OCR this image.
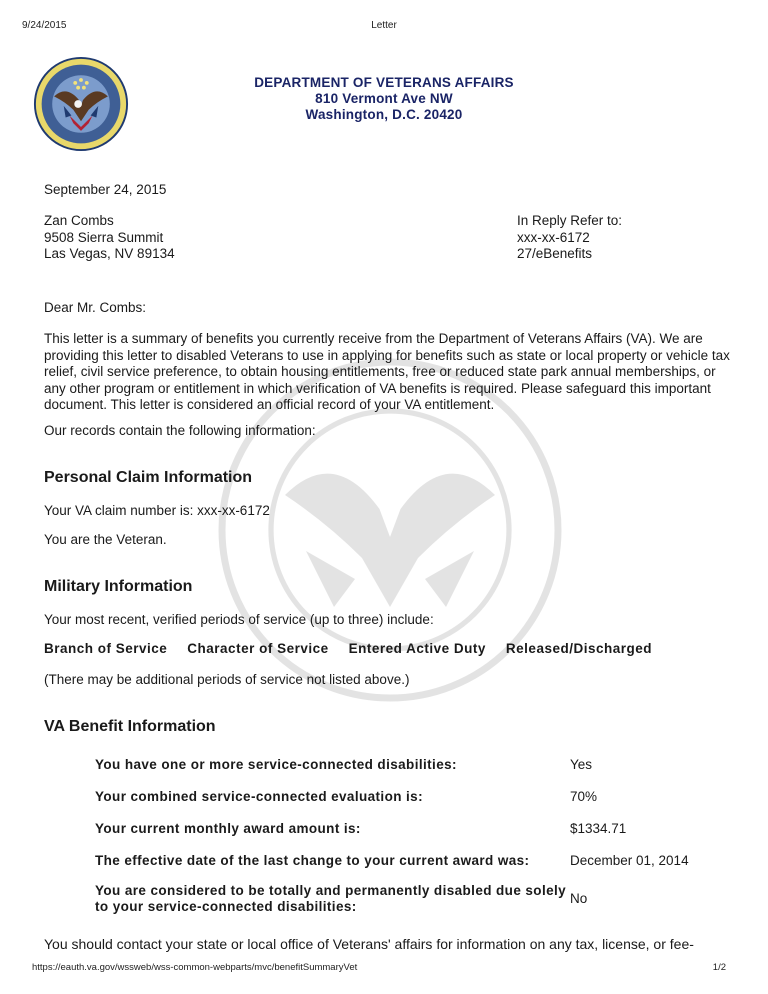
9/24/2015	Letter
DEPARTMENT OF VETERANS AFFAIRS
810 Vermont Ave NW
Washington, D.C. 20420
September 24, 2015
Zan Combs
9508 Sierra Summit
Las Vegas, NV 89134
In Reply Refer to:
xxx-xx-6172
27/eBenefits
Dear Mr. Combs:
This letter is a summary of benefits you currently receive from the Department of Veterans Affairs (VA). We are providing this letter to disabled Veterans to use in applying for benefits such as state or local property or vehicle tax relief, civil service preference, to obtain housing entitlements, free or reduced state park annual memberships, or any other program or entitlement in which verification of VA benefits is required. Please safeguard this important document. This letter is considered an official record of your VA entitlement.
Our records contain the following information:
Personal Claim Information
Your VA claim number is: xxx-xx-6172
You are the Veteran.
Military Information
Your most recent, verified periods of service (up to three) include:
Branch of Service Character of Service Entered Active Duty Released/Discharged
(There may be additional periods of service not listed above.)
VA Benefit Information
You have one or more service-connected disabilities:	Yes
Your combined service-connected evaluation is:	70%
Your current monthly award amount is:	$1334.71
The effective date of the last change to your current award was:	December 01, 2014
You are considered to be totally and permanently disabled due solely to your service-connected disabilities:
No
You should contact your state or local office of Veterans' affairs for information on any tax, license, or fee-
https://eauth.va.gov/wssweb/wss-common-webparts/mvc/benefitSummaryVet	1/2
